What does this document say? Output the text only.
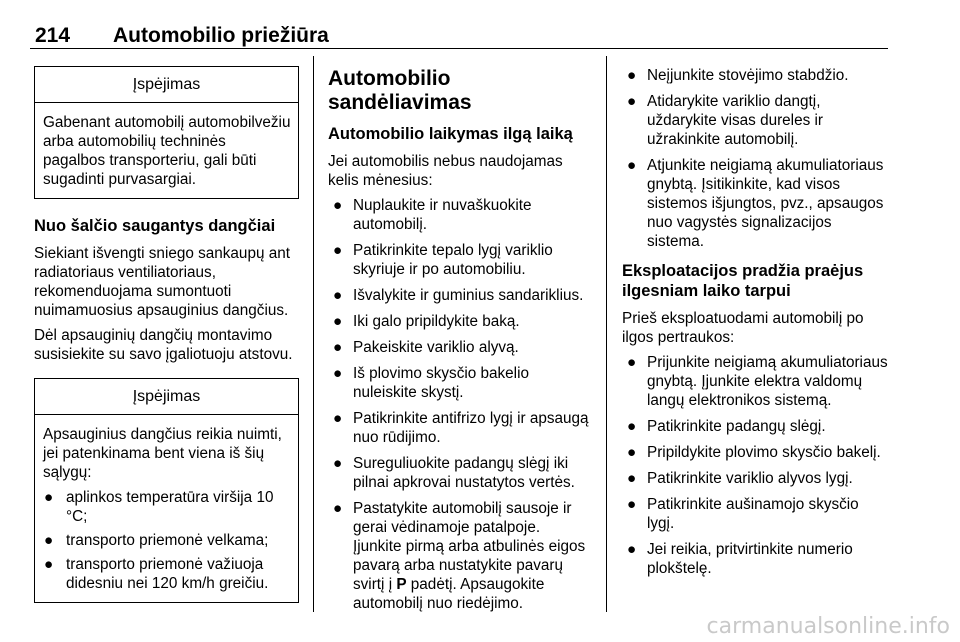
214 Automobilio priežiūra
Įspėjimas
Gabenant automobilį automobilvežiu arba automobilių techninės pagalbos transporteriu, gali būti sugadinti purvasargiai.
Nuo šalčio saugantys dangčiai

Siekiant išvengti sniego sankaupų ant radiatoriaus ventiliatoriaus, rekomenduojama sumontuoti nuimamuosius apsauginius dangčius.

Dėl apsauginių dangčių montavimo susisiekite su savo įgaliotuoju atstovu.

Įspėjimas

Apsauginius dangčius reikia nuimti, jei patenkinama bent viena iš šių sąlygų:

● aplinkos temperatūra viršija 10 °C;
● transporto priemonė velkama;
● transporto priemonė važiuoja didesniu nei 120 km/h greičiu.
Automobilio sandėliavimas
Automobilio laikymas ilgą laiką

Jei automobilis nebus naudojamas kelis mėnesius:

● Nuplaukite ir nuvaškuokite automobilį.
● Patikrinkite tepalo lygį variklio skyriuje ir po automobiliu.
● Išvalykite ir guminius sandariklius.
● Iki galo pripildykite baką.
● Pakeiskite variklio alyvą.
● Iš plovimo skysčio bakelio nuleiskite skystį.
● Patikrinkite antifrizo lygį ir apsaugą nuo rūdijimo.
● Sureguliuokite padangų slėgį iki pilnai apkrovai nustatytos vertės.
● Pastatykite automobilį sausoje ir gerai vėdinamoje patalpoje. Įjunkite pirmą arba atbulinės eigos pavarą arba nustatykite pavarų svirtį į P padėtį. Apsaugokite automobilį nuo riedėjimo.
● Neįjunkite stovėjimo stabdžio.
● Atidarykite variklio dangtį, uždarykite visas dureles ir užrakinkite automobilį.
● Atjunkite neigiamą akumuliatoriaus gnybtą. Įsitikinkite, kad visos sistemos išjungtos, pvz., apsaugos nuo vagystės signalizacijos sistema.
Eksploatacijos pradžia praėjus ilgesniam laiko tarpui

Prieš eksploatuodami automobilį po ilgos pertraukos:

● Prijunkite neigiamą akumuliatoriaus gnybtą. Įjunkite elektra valdomų langų elektronikos sistemą.
● Patikrinkite padangų slėgį.
● Pripildykite plovimo skysčio bakelį.
● Patikrinkite variklio alyvos lygį.
● Patikrinkite aušinamojo skysčio lygį.
● Jei reikia, pritvirtinkite numerio plokštelę.
carmanualsonline.info
